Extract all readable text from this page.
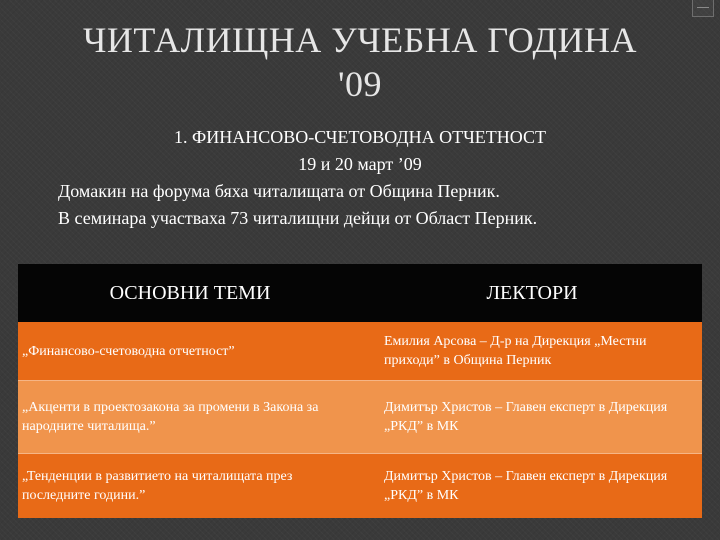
ЧИТАЛИЩНА УЧЕБНА ГОДИНА
'09
1. ФИНАНСОВО-СЧЕТОВОДНА ОТЧЕТНОСТ
19 и 20 март ’09
Домакин на форума бяха читалищата от Община Перник.
В семинара участваха 73 читалищни дейци от Област Перник.
ОСНОВНИ ТЕМИ	ЛЕКТОРИ
„Финансово-счетоводна отчетност”	Емилия Арсова – Д-р на Дирекция „Местни приходи” в Община Перник
„Акценти в проектозакона за промени в Закона за народните читалища.”	Димитър Христов – Главен експерт в Дирекция „РКД” в МК
„Тенденции в развитието на читалищата през последните години.”	Димитър Христов – Главен експерт в Дирекция „РКД” в МК
